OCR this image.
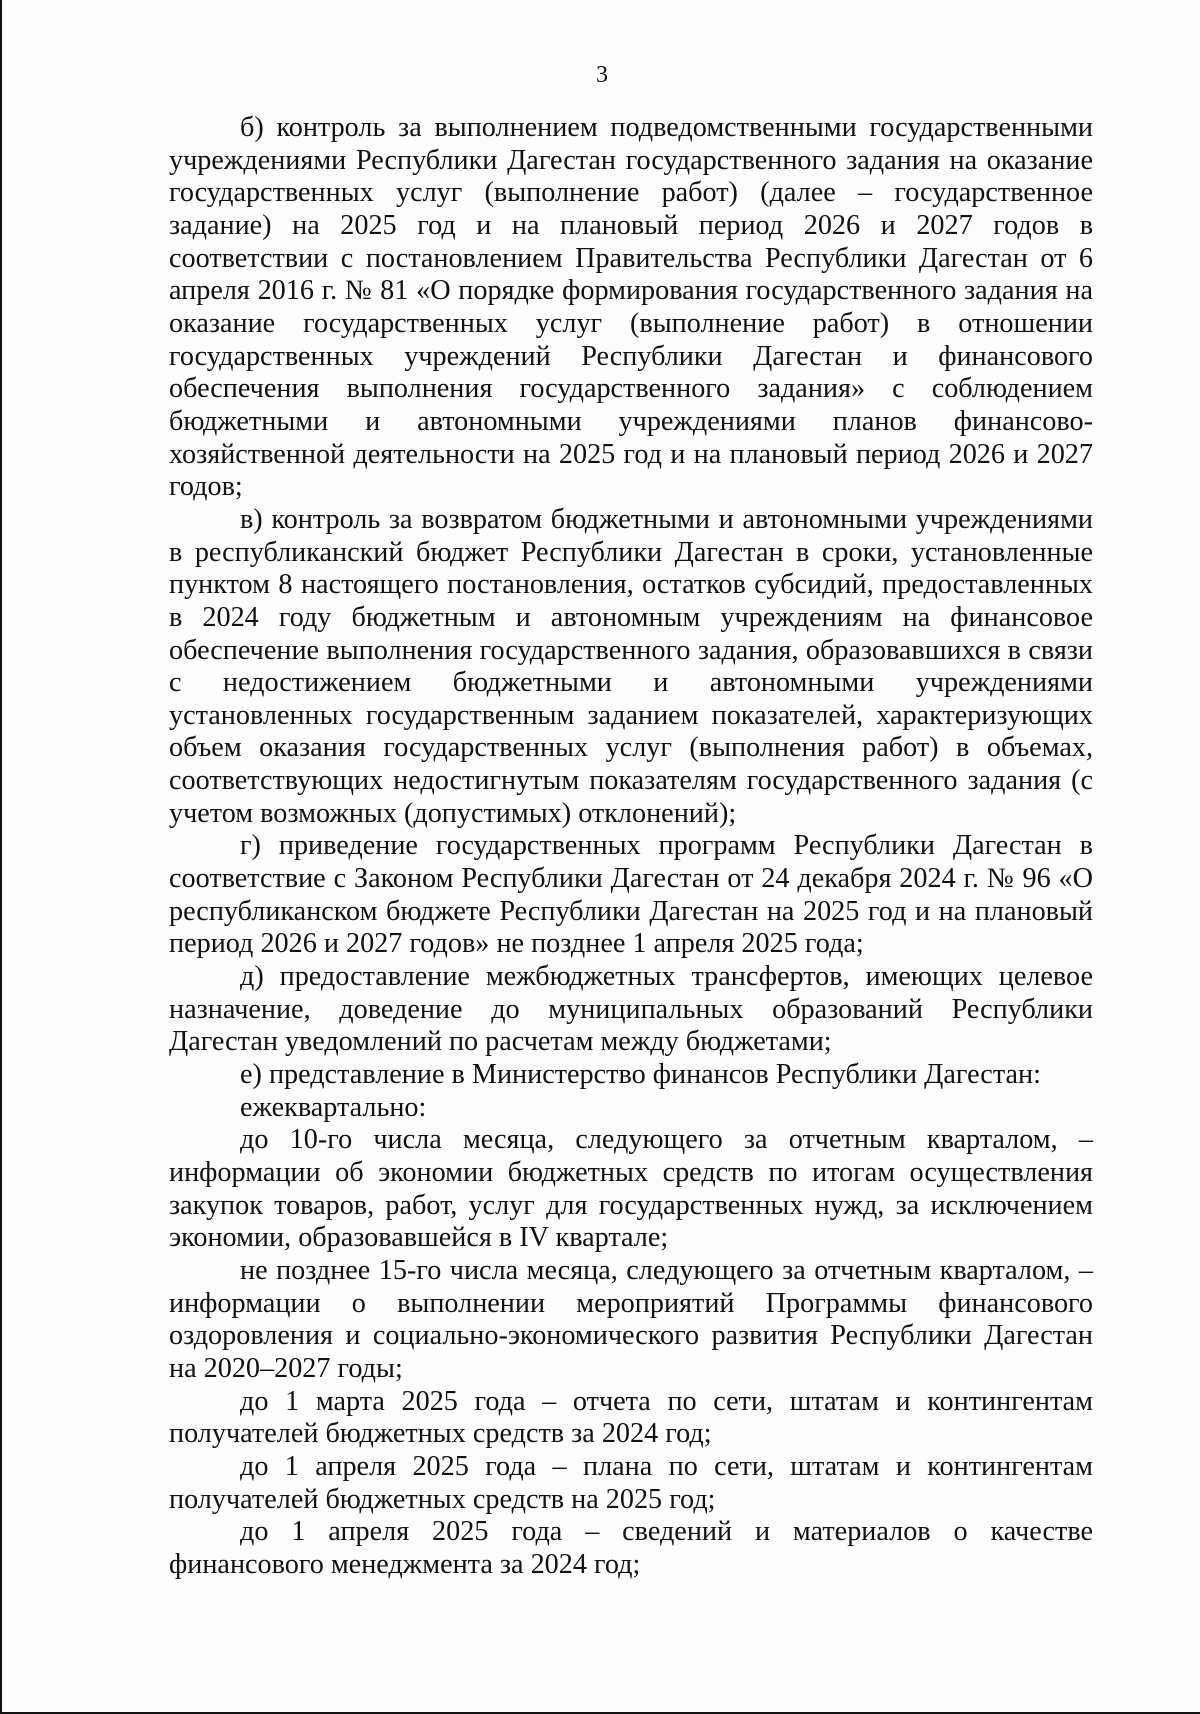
3

б) контроль за выполнением подведомственными государственными учреждениями Республики Дагестан государственного задания на оказание государственных услуг (выполнение работ) (далее – государственное задание) на 2025 год и на плановый период 2026 и 2027 годов в соответствии с постановлением Правительства Республики Дагестан от 6 апреля 2016 г. № 81 «О порядке формирования государственного задания на оказание государственных услуг (выполнение работ) в отношении государственных учреждений Республики Дагестан и финансового обеспечения выполнения государственного задания» с соблюдением бюджетными и автономными учреждениями планов финансово-хозяйственной деятельности на 2025 год и на плановый период 2026 и 2027 годов;

в) контроль за возвратом бюджетными и автономными учреждениями в республиканский бюджет Республики Дагестан в сроки, установленные пунктом 8 настоящего постановления, остатков субсидий, предоставленных в 2024 году бюджетным и автономным учреждениям на финансовое обеспечение выполнения государственного задания, образовавшихся в связи с недостижением бюджетными и автономными учреждениями установленных государственным заданием показателей, характеризующих объем оказания государственных услуг (выполнения работ) в объемах, соответствующих недостигнутым показателям государственного задания (с учетом возможных (допустимых) отклонений);

г) приведение государственных программ Республики Дагестан в соответствие с Законом Республики Дагестан от 24 декабря 2024 г. № 96 «О республиканском бюджете Республики Дагестан на 2025 год и на плановый период 2026 и 2027 годов» не позднее 1 апреля 2025 года;

д) предоставление межбюджетных трансфертов, имеющих целевое назначение, доведение до муниципальных образований Республики Дагестан уведомлений по расчетам между бюджетами;

е) представление в Министерство финансов Республики Дагестан:

ежеквартально:

до 10-го числа месяца, следующего за отчетным кварталом, – информации об экономии бюджетных средств по итогам осуществления закупок товаров, работ, услуг для государственных нужд, за исключением экономии, образовавшейся в IV квартале;

не позднее 15-го числа месяца, следующего за отчетным кварталом, – информации о выполнении мероприятий Программы финансового оздоровления и социально-экономического развития Республики Дагестан на 2020–2027 годы;

до 1 марта 2025 года – отчета по сети, штатам и контингентам получателей бюджетных средств за 2024 год;

до 1 апреля 2025 года – плана по сети, штатам и контингентам получателей бюджетных средств на 2025 год;

до 1 апреля 2025 года – сведений и материалов о качестве финансового менеджмента за 2024 год;
